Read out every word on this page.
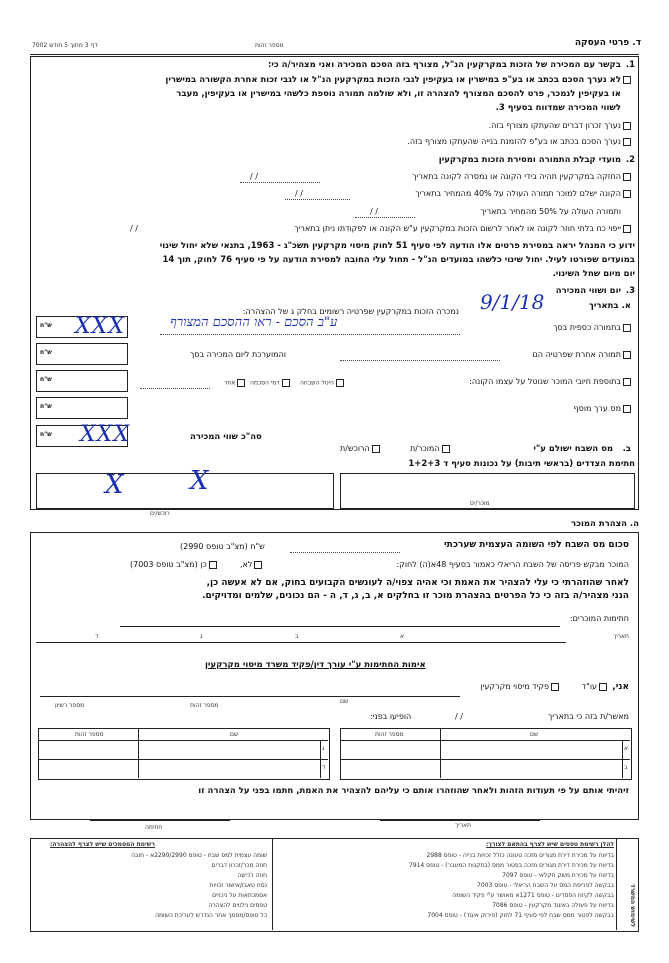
ד. פרטי העסקה
מספר זהות
דף 3 מתוך 5 חודש 7002
1.
בקשר עם המכירה של הזכות במקרקעין הנ"ל, מצורף בזה הסכם המכירה ואני מצהיר/ה כי:
לא נערך הסכם בכתב או בע"פ במישרין או בעקיפין לגבי הזכות במקרקעין הנ"ל או לגבי זכות אחרת הקשורה במישרין
או בעקיפין לנמכר, פרט להסכם המצורף להצהרה זו, ולא שולמה תמורה נוספת כלשהי במישרין או בעקיפין, מעבר
לשווי המכירה שמדווח בסעיף 3.
נערך זכרון דברים שהעתקו מצורף בזה.
נערך הסכם בכתב או בע"פ להזמנת בנייה שהעתקו מצורף בזה.
2.
מועדי קבלת התמורה ומסירת הזכות במקרקעין
החזקה במקרקעין תהיה בידי הקונה או נמסרה לקונה בתאריך
/ /
הקונה ישלם למוכר תמורה העולה על 40% מהמחיר בתאריך
/ /
ותמורה העולה על 50% מהמחיר בתאריך
/ /
ייפוי כח בלתי חוזר לקונה או לאחר לרשום הזכות במקרקעין ע"ש הקונה או לפקודתו ניתן בתאריך
/ /
ידוע כי המנהל יראה במסירת פרטים אלו הודעה לפי סעיף 51 לחוק מיסוי מקרקעין תשכ"ג - 1963, בתנאי שלא יחול שינוי
במועדים שפורטו לעיל. יחול שינוי כלשהו במועדים הנ"ל - תחול עלי החובה למסירת הודעה על פי סעיף 76 לחוק, תוך 14
יום מיום שחל השינוי.
3.
יום ושווי המכירה
א. בתאריך
9/1/18
נמכרה הזכות במקרקעין שפרטיה רשומים בחלק ג של ההצהרה:
ש"ח
ש"ח
ש"ח
ש"ח
ש"ח
XXX
XXX
בתמורה כספית בסך
ע"ב הסכם - ראו ההסכם המצורף
תמורה אחרת שפרטיה הם
והמוערכת ליום המכירה בסך
בתוספת חיובי המוכר שנוטל על עצמו הקונה:
היטל השבחה
דמי הסכמה
אחר
מס ערך מוסף
סה"כ שווי המכירה
ב.
מס השבח ישולם ע"י
המוכר/ת
הרוכש/ת
חתימת הצדדים (בראשי תיבות) על נכונות סעיף ד 1+2+3
X
X
מוכר/ים
רוכש/ים
ה. הצהרת המוכר
סכום מס השבח לפי השומה העצמית שערכתי
ש"ח (מצ"ב טופס 2990)
המוכר מבקש פריסה של השבח הריאלי כאמור בסעיף 48א(ה) לחוק:
לא,
כן (מצ"ב טופס 7003)
לאחר שהוזהרתי כי עלי להצהיר את האמת וכי אהיה צפוי/ה לעונשים הקבועים בחוק, אם לא אעשה כן,
הנני מצהיר/ה בזה כי כל הפרטים בהצהרת מוכר זו בחלקים א, ב, ג, ד, ה - הם נכונים, שלמים ומדויקים.
חתימות המוכרים:
תאריך
א
ב
ג
ד
אימות החתימות ע"י עורך דין/פקיד משרד מיסוי מקרקעין
אני,
עו"ד
פקיד מיסוי מקרקעין
שם
מספר זהות
מספר רשיון
מאשר/ת בזה כי בתאריך
/ /
הופיעו בפני:
שם
מספר זהות
א
ב
שם
מספר זהות
ג
ד
זיהיתי אותם על פי תעודות הזהות ולאחר שהוזהרו אותם כי עליהם להצהיר את האמת, חתמו בפני על הצהרה זו
תאריך
חתימה
לשימוש המשרד
להלן רשימת טפסים שיש לצרף בהתאם לצורך:
בדיווח על מכירת דירת מגורים מזכה טעונה כולל זכויות בנייה - טופס 2988
בדיווח על מכירת דירת מגורים מזכה בפטור ממס (בתקנות המעבר) - טופס 7914
בדיווח על מכירת משק חקלאי - טופס 7097
בבקשה לפריסת המס על השבח הריאלי - טופס 7003
בבקשה לקיזוז הפסדים - טופס 1271א מאושר ע"י פקיד השומה
בדיווח על פעולה באיגוד מקרקעין - טופס 7086
בבקשה לפטור ממס שבח לפי סעיף 71 לחוק (פירוק איגוד) - טופס 7004
רשימת המסמכים שיש לצרף להצהרה:
שומה עצמית למס שבח - טופס 2290/2990א - חובה
חוזה מכר/זכרון דברים
חוזה רכישה
נסח טאבו/אישור זכויות
אסמכתאות על ניכויים
טפסים נילווים להצהרה
כל טופס/מסמך אחר הנדרש לעריכת השומה
